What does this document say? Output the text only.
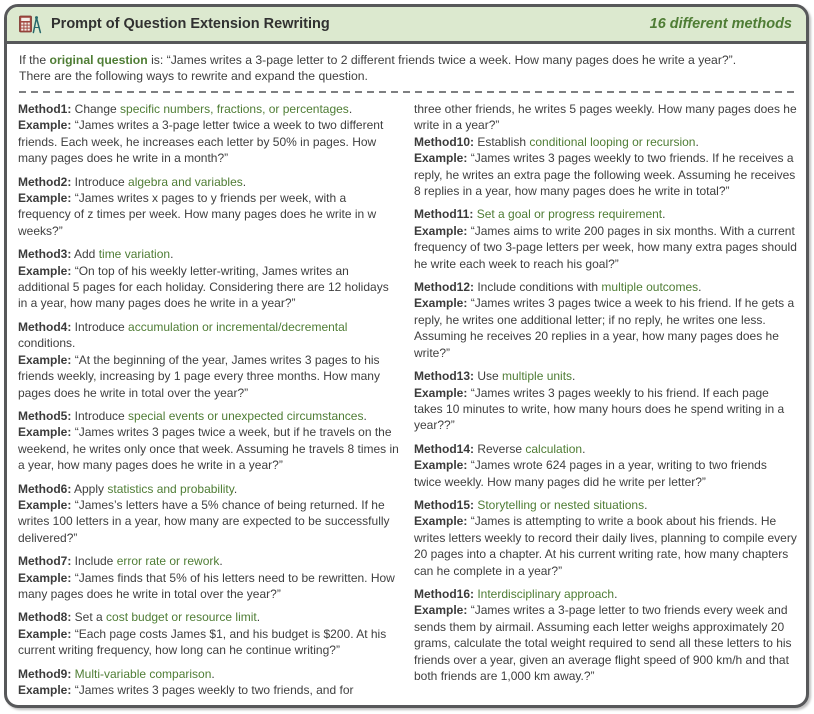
Prompt of Question Extension Rewriting	16 different methods
If the original question is: “James writes a 3-page letter to 2 different friends twice a week. How many pages does he write a year?”.
There are the following ways to rewrite and expand the question.

Method1: Change specific numbers, fractions, or percentages.

Example: “James writes a 3-page letter twice a week to two different friends. Each week, he increases each letter by 50% in pages. How many pages does he write in a month?”

Method2: Introduce algebra and variables.

Example: “James writes x pages to y friends per week, with a frequency of z times per week. How many pages does he write in w weeks?”

Method3: Add time variation.

Example: “On top of his weekly letter-writing, James writes an additional 5 pages for each holiday. Considering there are 12 holidays in a year, how many pages does he write in a year?”

Method4: Introduce accumulation or incremental/decremental conditions.

Example: “At the beginning of the year, James writes 3 pages to his friends weekly, increasing by 1 page every three months. How many pages does he write in total over the year?”

Method5: Introduce special events or unexpected circumstances.

Example: “James writes 3 pages twice a week, but if he travels on the weekend, he writes only once that week. Assuming he travels 8 times in a year, how many pages does he write in a year?”

Method6: Apply statistics and probability.

Example: “James’s letters have a 5% chance of being returned. If he writes 100 letters in a year, how many are expected to be successfully delivered?”

Method7: Include error rate or rework.

Example: “James finds that 5% of his letters need to be rewritten. How many pages does he write in total over the year?”

Method8: Set a cost budget or resource limit.

Example: “Each page costs James $1, and his budget is $200. At his current writing frequency, how long can he continue writing?”

Method9: Multi-variable comparison.

Example: “James writes 3 pages weekly to two friends, and for

three other friends, he writes 5 pages weekly. How many pages does he write in a year?”

Method10: Establish conditional looping or recursion.

Example: “James writes 3 pages weekly to two friends. If he receives a reply, he writes an extra page the following week. Assuming he receives 8 replies in a year, how many pages does he write in total?”

Method11: Set a goal or progress requirement.

Example: “James aims to write 200 pages in six months. With a current frequency of two 3-page letters per week, how many extra pages should he write each week to reach his goal?”

Method12: Include conditions with multiple outcomes.

Example: “James writes 3 pages twice a week to his friend. If he gets a reply, he writes one additional letter; if no reply, he writes one less. Assuming he receives 20 replies in a year, how many pages does he write?”

Method13: Use multiple units.

Example: “James writes 3 pages weekly to his friend. If each page takes 10 minutes to write, how many hours does he spend writing in a year??”

Method14: Reverse calculation.

Example: “James wrote 624 pages in a year, writing to two friends twice weekly. How many pages did he write per letter?”

Method15: Storytelling or nested situations.

Example: “James is attempting to write a book about his friends. He writes letters weekly to record their daily lives, planning to compile every 20 pages into a chapter. At his current writing rate, how many chapters can he complete in a year?”

Method16: Interdisciplinary approach.

Example: “James writes a 3-page letter to two friends every week and sends them by airmail. Assuming each letter weighs approximately 20 grams, calculate the total weight required to send all these letters to his friends over a year, given an average flight speed of 900 km/h and that both friends are 1,000 km away.?”
